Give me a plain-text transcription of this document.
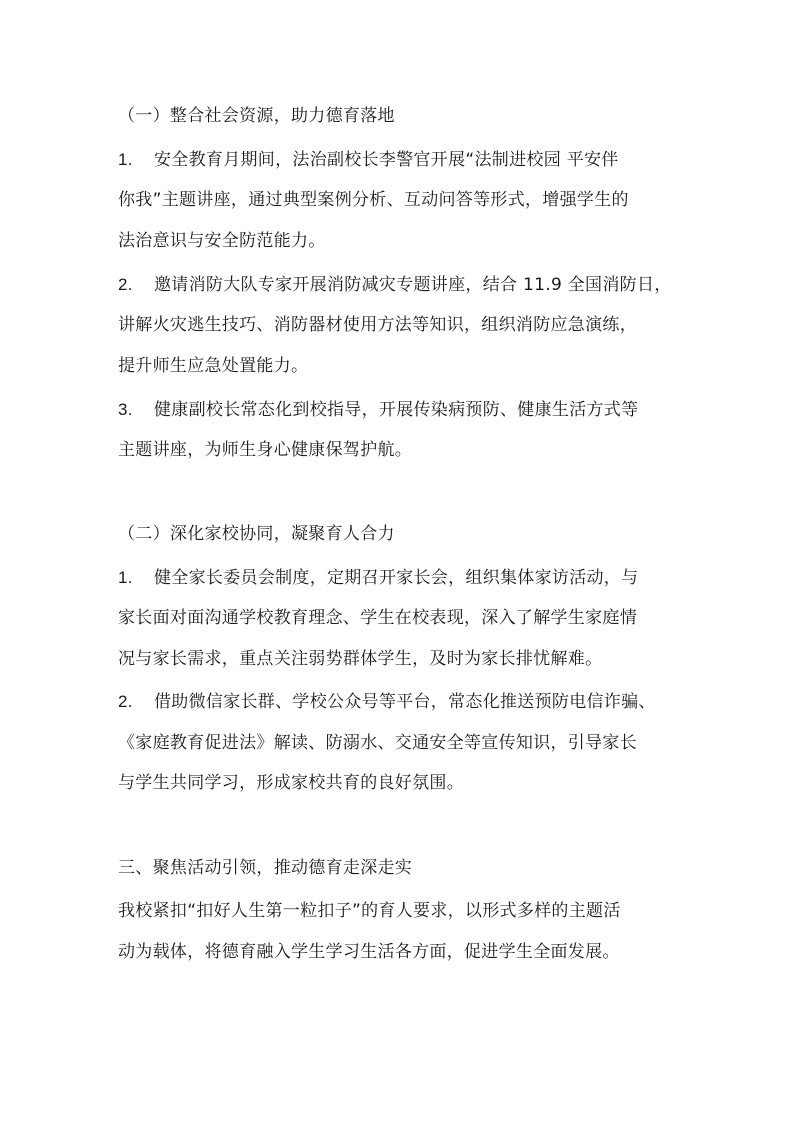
（一）整合社会资源，助力德育落地
1. 安全教育月期间，法治副校长李警官开展“法制进校园 平安伴
你我”主题讲座，通过典型案例分析、互动问答等形式，增强学生的
法治意识与安全防范能力。
2. 邀请消防大队专家开展消防减灾专题讲座，结合 11.9 全国消防日，
讲解火灾逃生技巧、消防器材使用方法等知识，组织消防应急演练，
提升师生应急处置能力。
3. 健康副校长常态化到校指导，开展传染病预防、健康生活方式等
主题讲座，为师生身心健康保驾护航。
（二）深化家校协同，凝聚育人合力
1. 健全家长委员会制度，定期召开家长会，组织集体家访活动，与
家长面对面沟通学校教育理念、学生在校表现，深入了解学生家庭情
况与家长需求，重点关注弱势群体学生，及时为家长排忧解难。
2. 借助微信家长群、学校公众号等平台，常态化推送预防电信诈骗、
《家庭教育促进法》解读、防溺水、交通安全等宣传知识，引导家长
与学生共同学习，形成家校共育的良好氛围。
三、聚焦活动引领，推动德育走深走实
我校紧扣“扣好人生第一粒扣子”的育人要求，以形式多样的主题活
动为载体，将德育融入学生学习生活各方面，促进学生全面发展。
